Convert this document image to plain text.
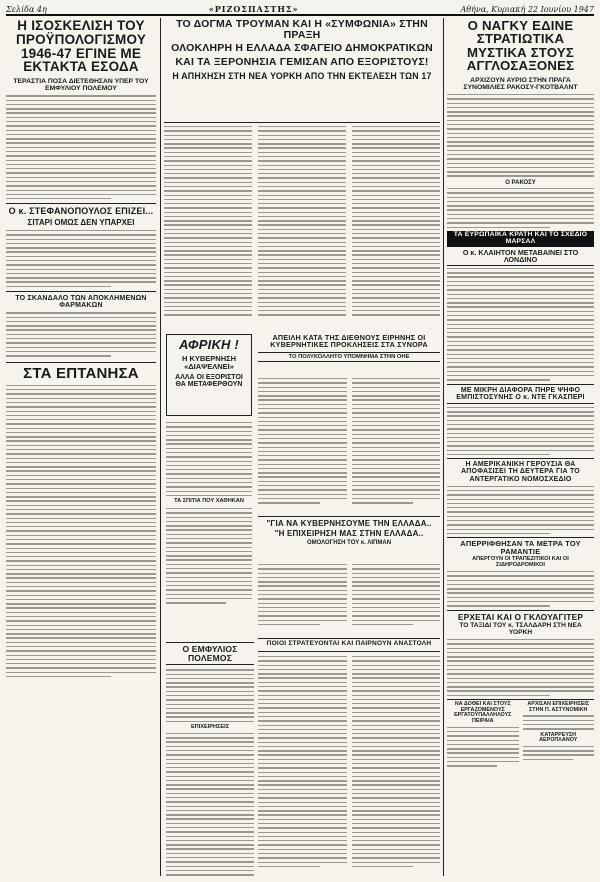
Σελίδα 4η	«ΡΙΖΟΣΠΑΣΤΗΣ»	Αθήνα, Κυριακή 22 Ιουνίου 1947
Η ΙΣΟΣΚΕΛΙΣΗ ΤΟΥ ΠΡΟΫΠΟΛΟΓΙΣΜΟΥ 1946-47 ΕΓΙΝΕ ΜΕ ΕΚΤΑΚΤΑ ΕΣΟΔΑ
ΤΕΡΑΣΤΙΑ ΠΟΣΑ ΔΙΕΤΕΘΗΣΑΝ ΥΠΕΡ ΤΟΥ ΕΜΦΥΛΙΟΥ ΠΟΛΕΜΟΥ
Ο κ. ΣΤΕΦΑΝΟΠΟΥΛΟΣ ΕΠΙΖΕΙ...
ΣΙΤΑΡΙ ΟΜΩΣ ΔΕΝ ΥΠΑΡΧΕΙ
ΤΟ ΣΚΑΝΔΑΛΟ ΤΩΝ ΑΠΟΚΛΗΜΕΝΩΝ ΦΑΡΜΑΚΩΝ
ΣΤΑ ΕΠΤΑΝΗΣΑ
ΤΟ ΔΟΓΜΑ ΤΡΟΥΜΑΝ ΚΑΙ Η «ΣΥΜΦΩΝΙΑ» ΣΤΗΝ ΠΡΑΞΗ
ΟΛΟΚΛΗΡΗ Η ΕΛΛΑΔΑ ΣΦΑΓΕΙΟ ΔΗΜΟΚΡΑΤΙΚΩΝ
ΚΑΙ ΤΑ ΞΕΡΟΝΗΣΙΑ ΓΕΜΙΣΑΝ ΑΠΟ ΕΞΟΡΙΣΤΟΥΣ!
Η ΑΠΗΧΗΣΗ ΣΤΗ ΝΕΑ ΥΟΡΚΗ ΑΠΟ ΤΗΝ ΕΚΤΕΛΕΣΗ ΤΩΝ 17
ΑΦΡΙΚΗ !
Η ΚΥΒΕΡΝΗΣΗ «ΔΙΑΨΕΛΝΕΙ»
ΑΛΛΑ ΟΙ ΕΞΟΡΙΣΤΟΙ ΘΑ ΜΕΤΑΦΕΡΘΟΥΝ
ΑΠΕΙΛΗ ΚΑΤΑ ΤΗΣ ΔΙΕΘΝΟΥΣ ΕΙΡΗΝΗΣ ΟΙ ΚΥΒΕΡΝΗΤΙΚΕΣ ΠΡΟΚΛΗΣΕΙΣ ΣΤΑ ΣΥΝΟΡΑ
ΤΟ ΠΟΛΥΚΟΛΛΗΤΟ ΥΠΟΜΝΗΜΑ ΣΤΗΝ ΟΗΕ
ΤΑ ΣΠΙΤΙΑ ΠΟΥ ΧΑΘΗΚΑΝ
"ΓΙΑ ΝΑ ΚΥΒΕΡΝΗΣΟΥΜΕ ΤΗΝ ΕΛΛΑΔΑ..
"Η ΕΠΙΧΕΙΡΗΣΗ ΜΑΣ ΣΤΗΝ ΕΛΛΑΔΑ..
ΟΜΟΛΟΓΗΣΗ ΤΟΥ κ. ΛΙΠΜΑΝ
ΠΟΙΟΙ ΣΤΡΑΤΕΥΟΝΤΑΙ ΚΑΙ ΠΑΙΡΝΟΥΝ ΑΝΑΣΤΟΛΗ
Ο ΕΜΦΥΛΙΟΣ ΠΟΛΕΜΟΣ
ΕΠΙΧΕΙΡΗΣΕΙΣ
Ο ΝΑΓΚΥ ΕΔΙΝΕ ΣΤΡΑΤΙΩΤΙΚΑ ΜΥΣΤΙΚΑ ΣΤΟΥΣ ΑΓΓΛΟΣΑΞΟΝΕΣ
ΑΡΧΙΖΟΥΝ ΑΥΡΙΟ ΣΤΗΝ ΠΡΑΓΑ ΣΥΝΟΜΙΛΙΕΣ ΡΑΚΟΣΥ-ΓΚΟΤΒΑΛΝΤ
Ο ΡΑΚΟΣΥ
ΤΑ ΕΥΡΩΠΑΪΚΑ ΚΡΑΤΗ ΚΑΙ ΤΟ ΣΧΕΔΙΟ ΜΑΡΣΑΛ
Ο κ. ΚΛΑΙΗΤΟΝ ΜΕΤΑΒΑΙΝΕΙ ΣΤΟ ΛΟΝΔΙΝΟ
ΜΕ ΜΙΚΡΗ ΔΙΑΦΟΡΑ ΠΗΡΕ ΨΗΦΟ ΕΜΠΙΣΤΟΣΥΝΗΣ Ο κ. ΝΤΕ ΓΚΑΣΠΕΡΙ
Η ΑΜΕΡΙΚΑΝΙΚΗ ΓΕΡΟΥΣΙΑ ΘΑ ΑΠΟΦΑΣΙΣΕΙ ΤΗ ΔΕΥΤΕΡΑ ΓΙΑ ΤΟ ΑΝΤΕΡΓΑΤΙΚΟ ΝΟΜΟΣΧΕΔΙΟ
ΑΠΕΡΡΙΦΘΗΣΑΝ ΤΑ ΜΕΤΡΑ ΤΟΥ ΡΑΜΑΝΤΙΕ
ΑΠΕΡΓΟΥΝ ΟΙ ΤΡΑΠΕΖΙΤΙΚΟΙ ΚΑΙ ΟΙ ΣΙΔΗΡΟΔΡΟΜΙΚΟΙ
ΕΡΧΕΤΑΙ ΚΑΙ Ο ΓΚΛΟΥΑΓΙΤΕΡ
ΤΟ ΤΑΞΙΔΙ ΤΟΥ κ. ΤΣΑΛΔΑΡΗ ΣΤΗ ΝΕΑ ΥΟΡΚΗ
ΝΑ ΔΟΘΕΙ ΚΑΙ ΣΤΟΥΣ ΕΡΓΑΖΟΜΕΝΟΥΣ ΕΡΓΑΤΟΫΠΑΛΛΗΛΟΥΣ ΠΕΙΡΑΙΑ
ΑΡΧΙΣΑΝ ΕΠΙΧΕΙΡΗΣΕΙΣ ΣΤΗΝ Π. ΑΣΤΥΝΟΜΙΚΗ
ΚΑΤΑΡΡΕΥΣΗ ΑΕΡΟΠΛΑΝΟΥ
